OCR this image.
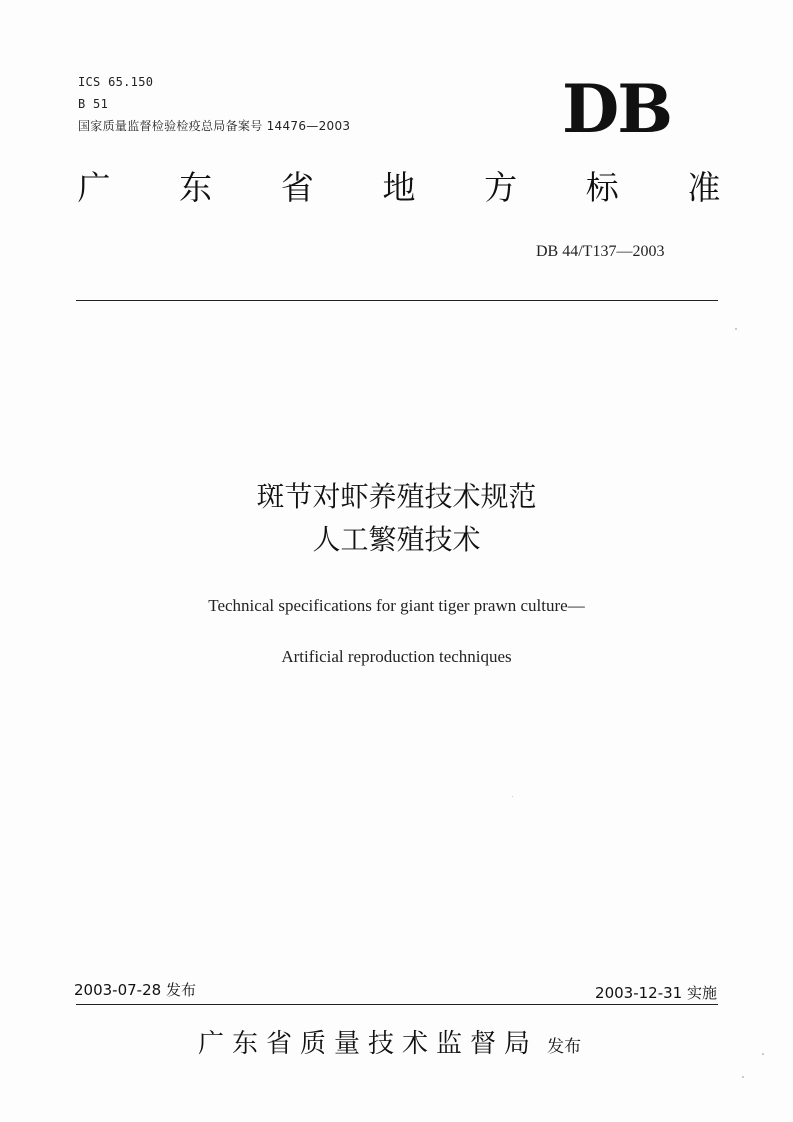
ICS 65.150
B 51
国家质量监督检验检疫总局备案号 14476—2003	DB
广 东 省 地 方 标 准
DB 44/T137—2003
斑节对虾养殖技术规范
人工繁殖技术
Technical specifications for giant tiger prawn culture—
Artificial reproduction techniques
2003-07-28 发布	2003-12-31 实施
广东省质量技术监督局 发布
